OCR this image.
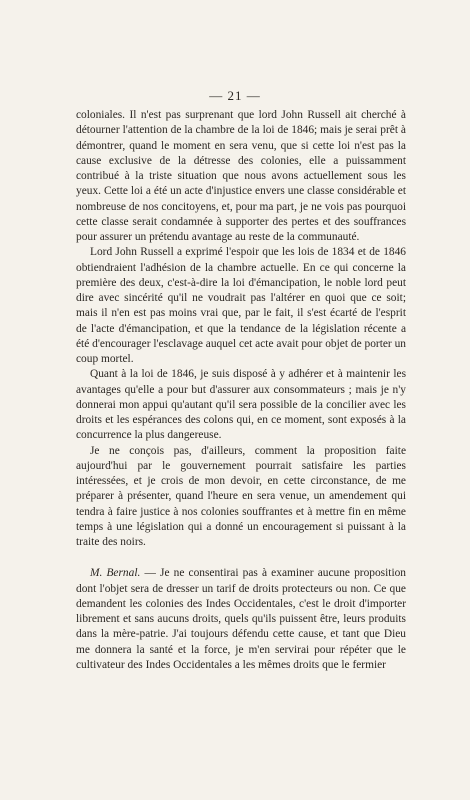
— 21 —

coloniales. Il n'est pas surprenant que lord John Russell ait cherché à détourner l'attention de la chambre de la loi de 1846; mais je serai prêt à démontrer, quand le moment en sera venu, que si cette loi n'est pas la cause exclusive de la détresse des colonies, elle a puissamment contribué à la triste situation que nous avons actuellement sous les yeux. Cette loi a été un acte d'injustice envers une classe considérable et nombreuse de nos concitoyens, et, pour ma part, je ne vois pas pourquoi cette classe serait condamnée à supporter des pertes et des souffrances pour assurer un prétendu avantage au reste de la communauté.

Lord John Russell a exprimé l'espoir que les lois de 1834 et de 1846 obtiendraient l'adhésion de la chambre actuelle. En ce qui concerne la première des deux, c'est-à-dire la loi d'émancipation, le noble lord peut dire avec sincérité qu'il ne voudrait pas l'altérer en quoi que ce soit; mais il n'en est pas moins vrai que, par le fait, il s'est écarté de l'esprit de l'acte d'émancipation, et que la tendance de la législation récente a été d'encourager l'esclavage auquel cet acte avait pour objet de porter un coup mortel.

Quant à la loi de 1846, je suis disposé à y adhérer et à maintenir les avantages qu'elle a pour but d'assurer aux consommateurs ; mais je n'y donnerai mon appui qu'autant qu'il sera possible de la concilier avec les droits et les espérances des colons qui, en ce moment, sont exposés à la concurrence la plus dangereuse.

Je ne conçois pas, d'ailleurs, comment la proposition faite aujourd'hui par le gouvernement pourrait satisfaire les parties intéressées, et je crois de mon devoir, en cette circonstance, de me préparer à présenter, quand l'heure en sera venue, un amendement qui tendra à faire justice à nos colonies souffrantes et à mettre fin en même temps à une législation qui a donné un encouragement si puissant à la traite des noirs.

M. Bernal. — Je ne consentirai pas à examiner aucune proposition dont l'objet sera de dresser un tarif de droits protecteurs ou non. Ce que demandent les colonies des Indes Occidentales, c'est le droit d'importer librement et sans aucuns droits, quels qu'ils puissent être, leurs produits dans la mère-patrie. J'ai toujours défendu cette cause, et tant que Dieu me donnera la santé et la force, je m'en servirai pour répéter que le cultivateur des Indes Occidentales a les mêmes droits que le fermier
